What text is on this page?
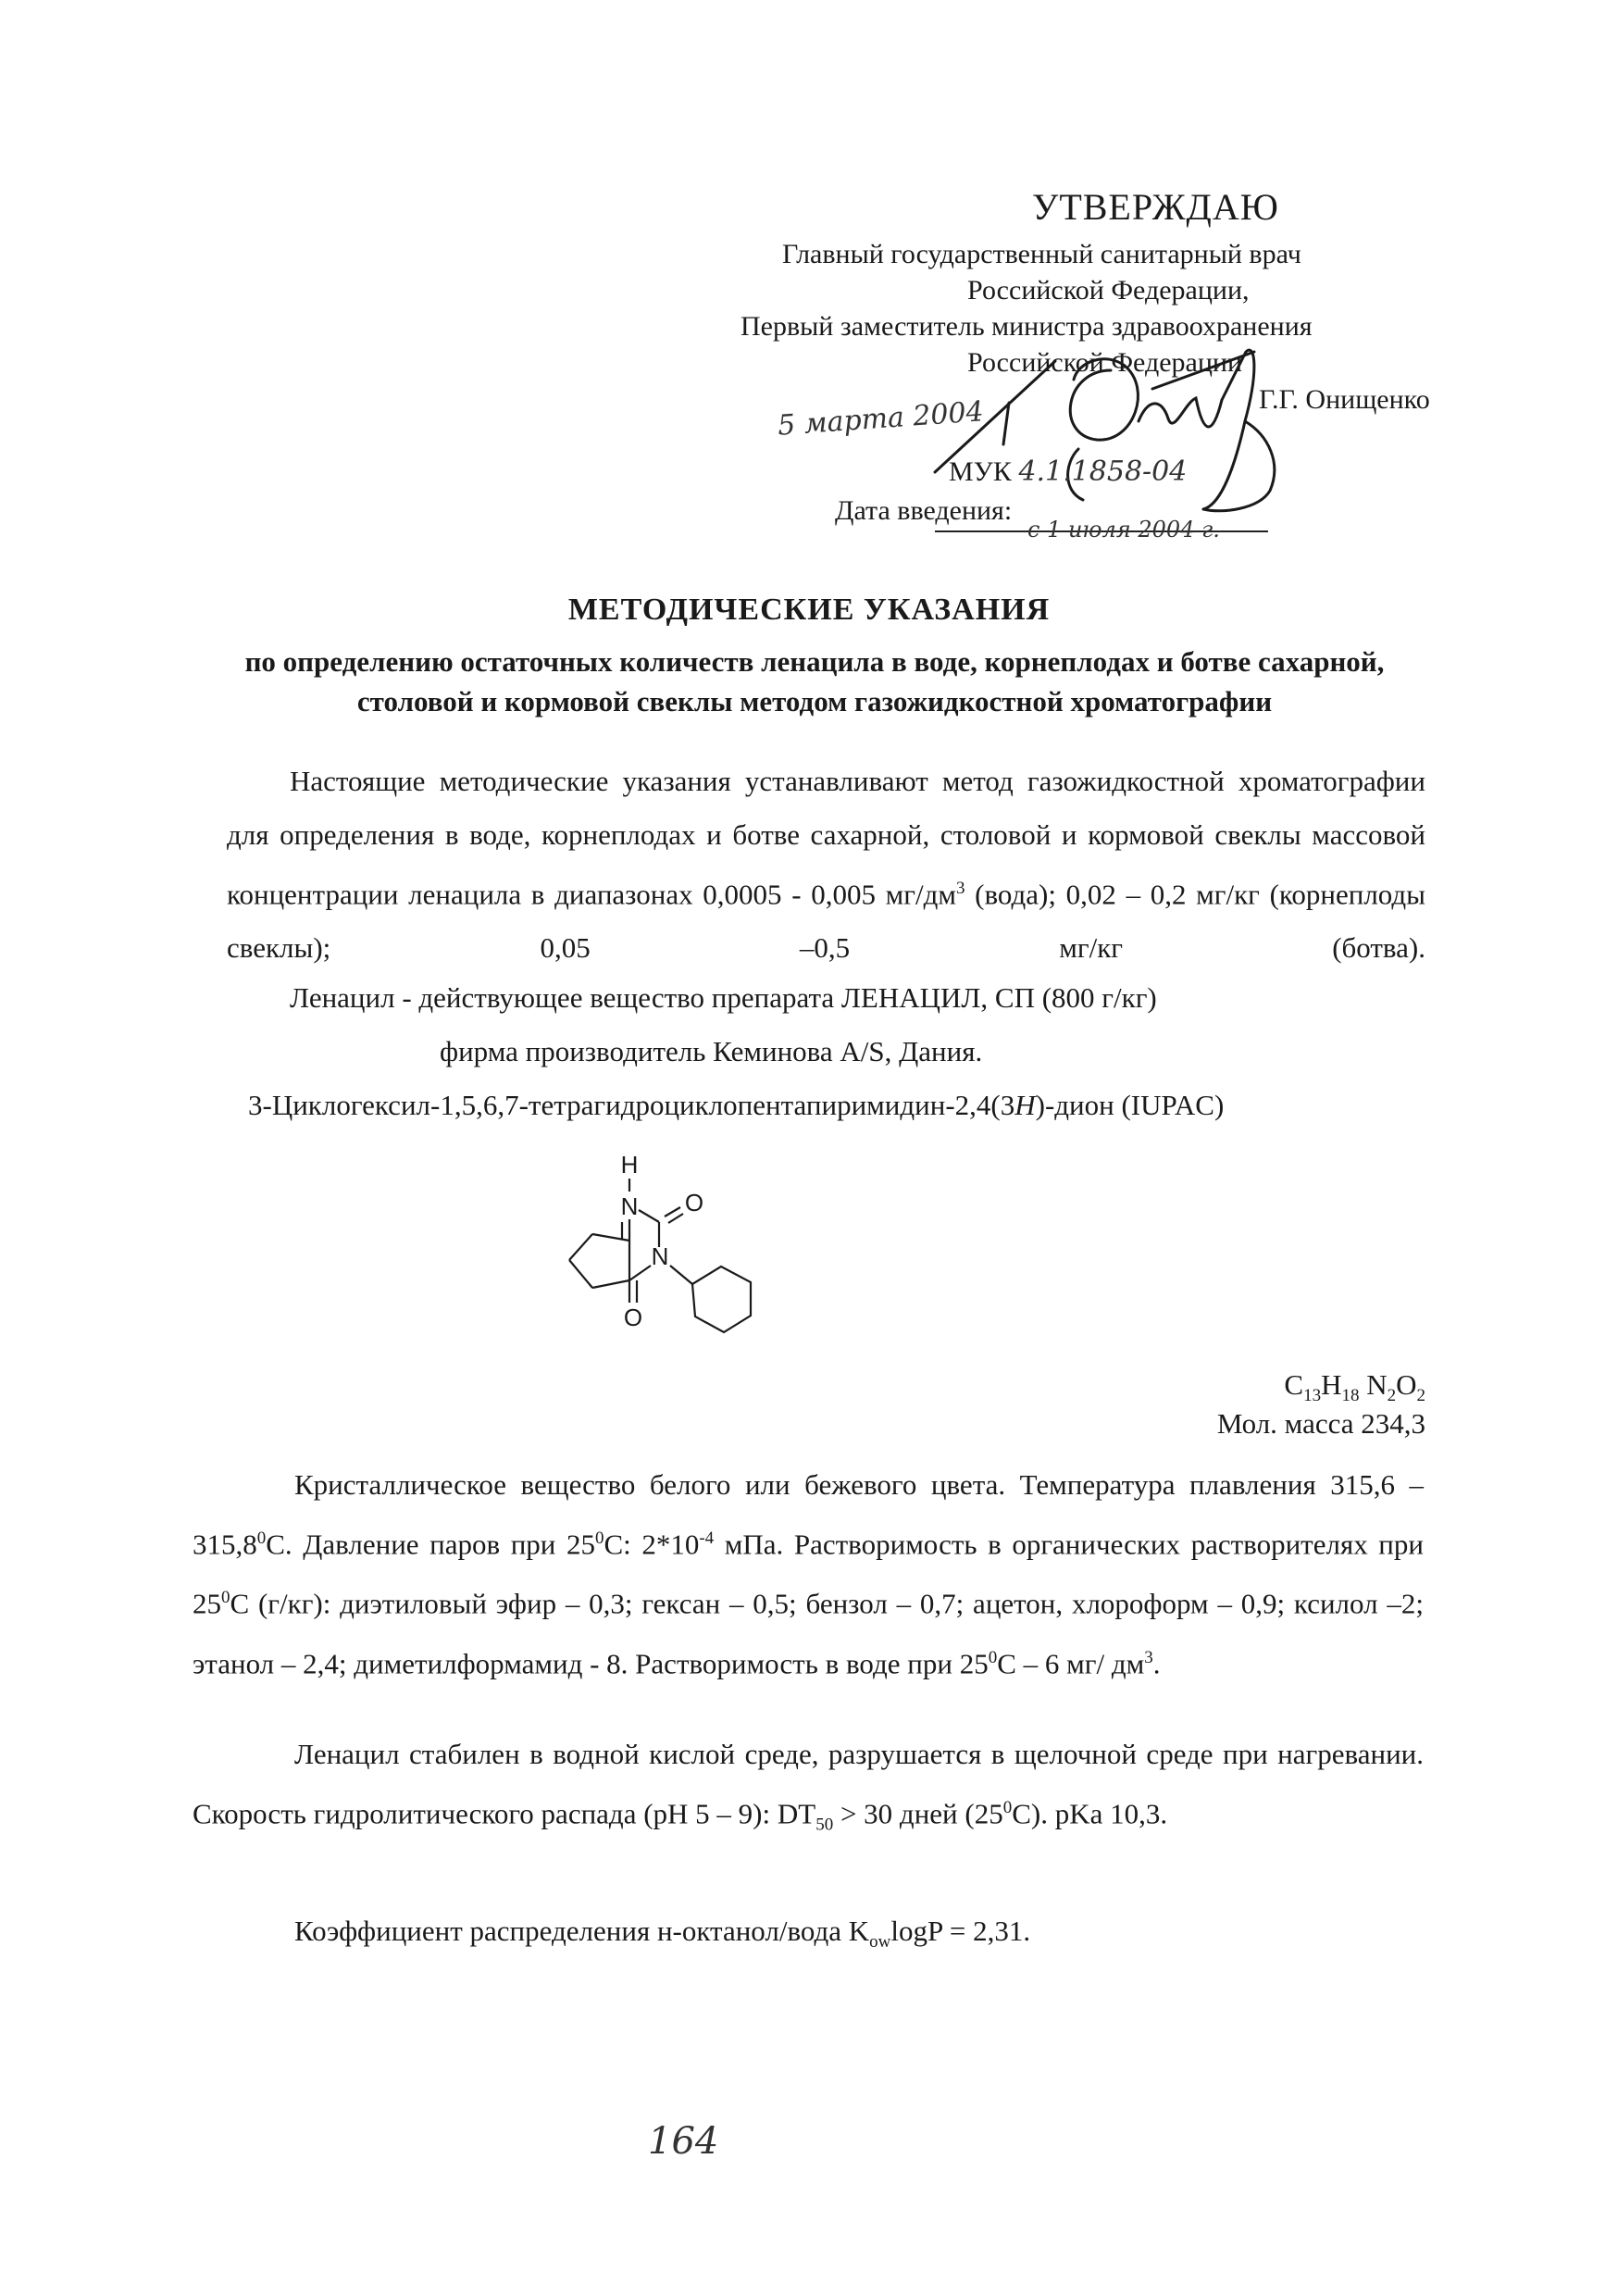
УТВЕРЖДАЮ
Главный государственный санитарный врач
Российской Федерации,
Первый заместитель министра здравоохранения
Российской Федерации
5 марта 2004	Г.Г. Онищенко
МУК 4.1.1858-04
Дата введения:
с 1 июля 2004 г.
МЕТОДИЧЕСКИЕ УКАЗАНИЯ
по определению остаточных количеств ленацила в воде, корнеплодах и ботве сахарной, столовой и кормовой свеклы методом газожидкостной хроматографии
Настоящие методические указания устанавливают метод газожидкостной хроматографии для определения в воде, корнеплодах и ботве сахарной, столовой и кормовой свеклы массовой концентрации ленацила в диапазонах 0,0005 - 0,005 $мг/дм^3$ (вода); 0,02 – 0,2 мг/кг (корнеплоды свеклы); 0,05 –0,5 мг/кг (ботва).
Ленацил - действующее вещество препарата ЛЕНАЦИЛ, СП (800 г/кг)
фирма производитель Кеминова A/S, Дания.
3-Циклогексил-1,5,6,7-тетрагидроциклопентапиримидин-2,4(3H)-дион (IUPAC)
H
N O
N
O
$C_{13}H_{18}$ $N_2O_2$
Мол. масса 234,3
Кристаллическое вещество белого или бежевого цвета. Температура плавления 315,6 – 315,8$^0$С. Давление паров при $25^0С$: $2*10^{-4}$ мПа. Растворимость в органических растворителях при $25^0С$ (г/кг): диэтиловый эфир – 0,3; гексан – 0,5; бензол – 0,7; ацетон, хлороформ – 0,9; ксилол –2; этанол – 2,4; диметилформамид - 8. Растворимость в воде при $25^0С - 6$ мг/ $дм^3$.
Ленацил стабилен в водной кислой среде, разрушается в щелочной среде при нагревании. Скорость гидролитического распада (pH 5 – 9): $DT_{50} > 30$ дней $(25^0С)$. pKa 10,3.
Коэффициент распределения н-октанол/вода $K_{ow}\log P = 2,31$.
164
